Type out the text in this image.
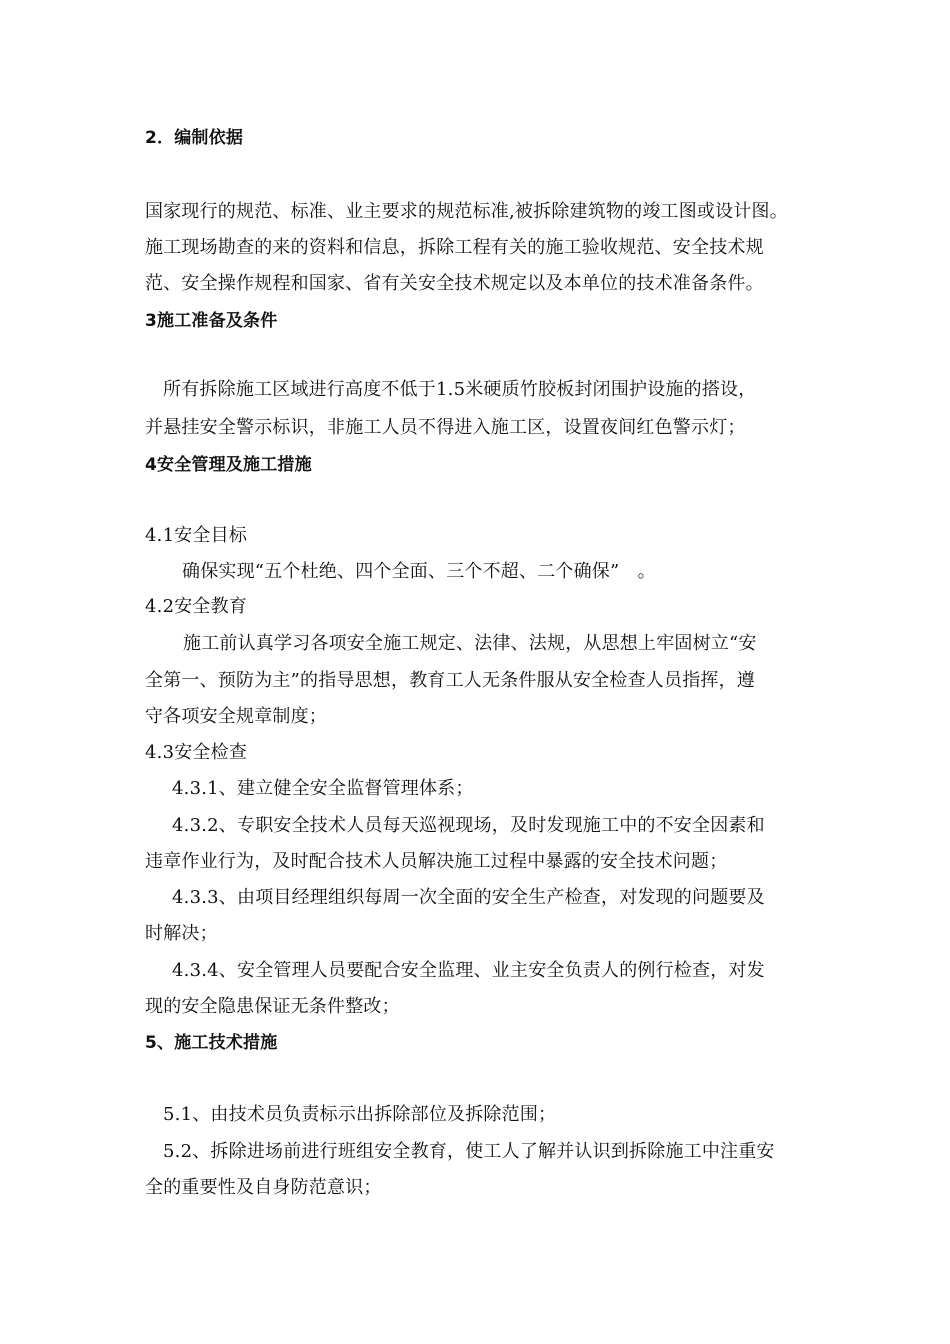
2．编制依据
国家现行的规范、标准、业主要求的规范标准,被拆除建筑物的竣工图或设计图。
施工现场勘查的来的资料和信息，拆除工程有关的施工验收规范、安全技术规
范、安全操作规程和国家、省有关安全技术规定以及本单位的技术准备条件。
3施工准备及条件
所有拆除施工区域进行高度不低于1.5米硬质竹胶板封闭围护设施的搭设，
并悬挂安全警示标识，非施工人员不得进入施工区，设置夜间红色警示灯；
4安全管理及施工措施
4.1安全目标
确保实现“五个杜绝、四个全面、三个不超、二个确保”　。
4.2安全教育
施工前认真学习各项安全施工规定、法律、法规，从思想上牢固树立“安
全第一、预防为主”的指导思想，教育工人无条件服从安全检查人员指挥，遵
守各项安全规章制度；
4.3安全检查
4.3.1、建立健全安全监督管理体系；
4.3.2、专职安全技术人员每天巡视现场，及时发现施工中的不安全因素和
违章作业行为，及时配合技术人员解决施工过程中暴露的安全技术问题；
4.3.3、由项目经理组织每周一次全面的安全生产检查，对发现的问题要及
时解决；
4.3.4、安全管理人员要配合安全监理、业主安全负责人的例行检查，对发
现的安全隐患保证无条件整改；
5、施工技术措施
5.1、由技术员负责标示出拆除部位及拆除范围；
5.2、拆除进场前进行班组安全教育，使工人了解并认识到拆除施工中注重安
全的重要性及自身防范意识；
